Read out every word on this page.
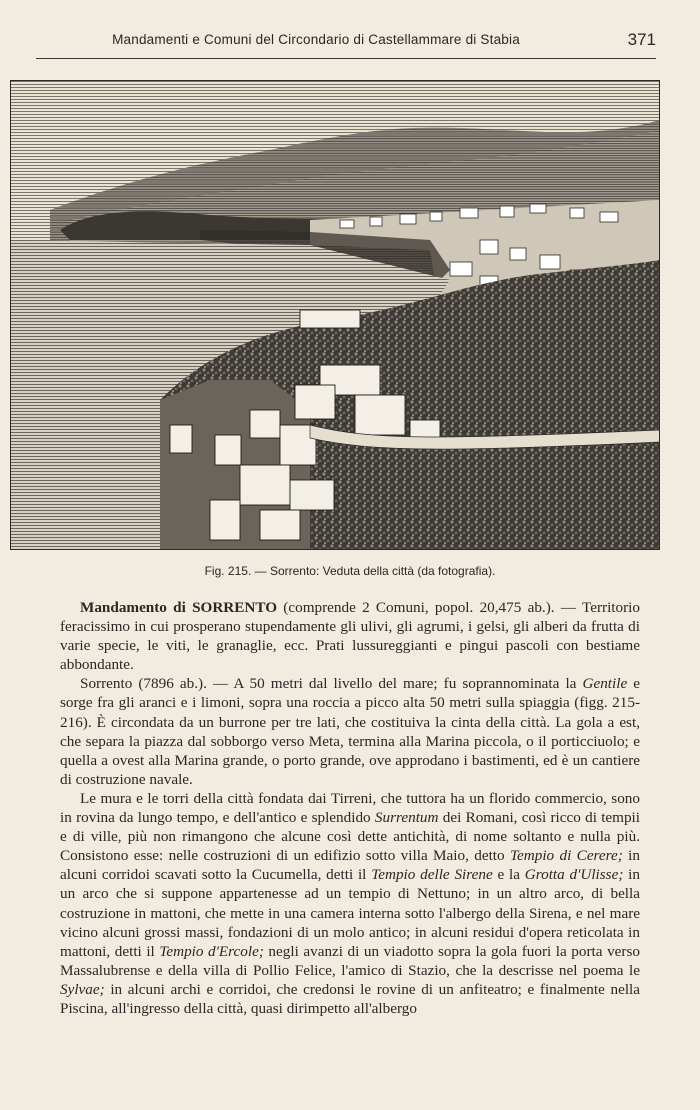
Mandamenti e Comuni del Circondario di Castellammare di Stabia	371
Fig. 215. — Sorrento: Veduta della città (da fotografia).

Mandamento di SORRENTO (comprende 2 Comuni, popol. 20,475 ab.). — Territorio feracissimo in cui prosperano stupendamente gli ulivi, gli agrumi, i gelsi, gli alberi da frutta di varie specie, le viti, le granaglie, ecc. Prati lussureggianti e pingui pascoli con bestiame abbondante.

Sorrento (7896 ab.). — A 50 metri dal livello del mare; fu soprannominata la Gentile e sorge fra gli aranci e i limoni, sopra una roccia a picco alta 50 metri sulla spiaggia (figg. 215-216). È circondata da un burrone per tre lati, che costituiva la cinta della città. La gola a est, che separa la piazza dal sobborgo verso Meta, termina alla Marina piccola, o il porticciuolo; e quella a ovest alla Marina grande, o porto grande, ove approdano i bastimenti, ed è un cantiere di costruzione navale.

Le mura e le torri della città fondata dai Tirreni, che tuttora ha un florido commercio, sono in rovina da lungo tempo, e dell'antico e splendido Surrentum dei Romani, così ricco di tempii e di ville, più non rimangono che alcune così dette antichità, di nome soltanto e nulla più. Consistono esse: nelle costruzioni di un edifizio sotto villa Maio, detto Tempio di Cerere; in alcuni corridoi scavati sotto la Cucumella, detti il Tempio delle Sirene e la Grotta d'Ulisse; in un arco che si suppone appartenesse ad un tempio di Nettuno; in un altro arco, di bella costruzione in mattoni, che mette in una camera interna sotto l'albergo della Sirena, e nel mare vicino alcuni grossi massi, fondazioni di un molo antico; in alcuni residui d'opera reticolata in mattoni, detti il Tempio d'Ercole; negli avanzi di un viadotto sopra la gola fuori la porta verso Massalubrense e della villa di Pollio Felice, l'amico di Stazio, che la descrisse nel poema le Sylvae; in alcuni archi e corridoi, che credonsi le rovine di un anfiteatro; e finalmente nella Piscina, all'ingresso della città, quasi dirimpetto all'albergo
